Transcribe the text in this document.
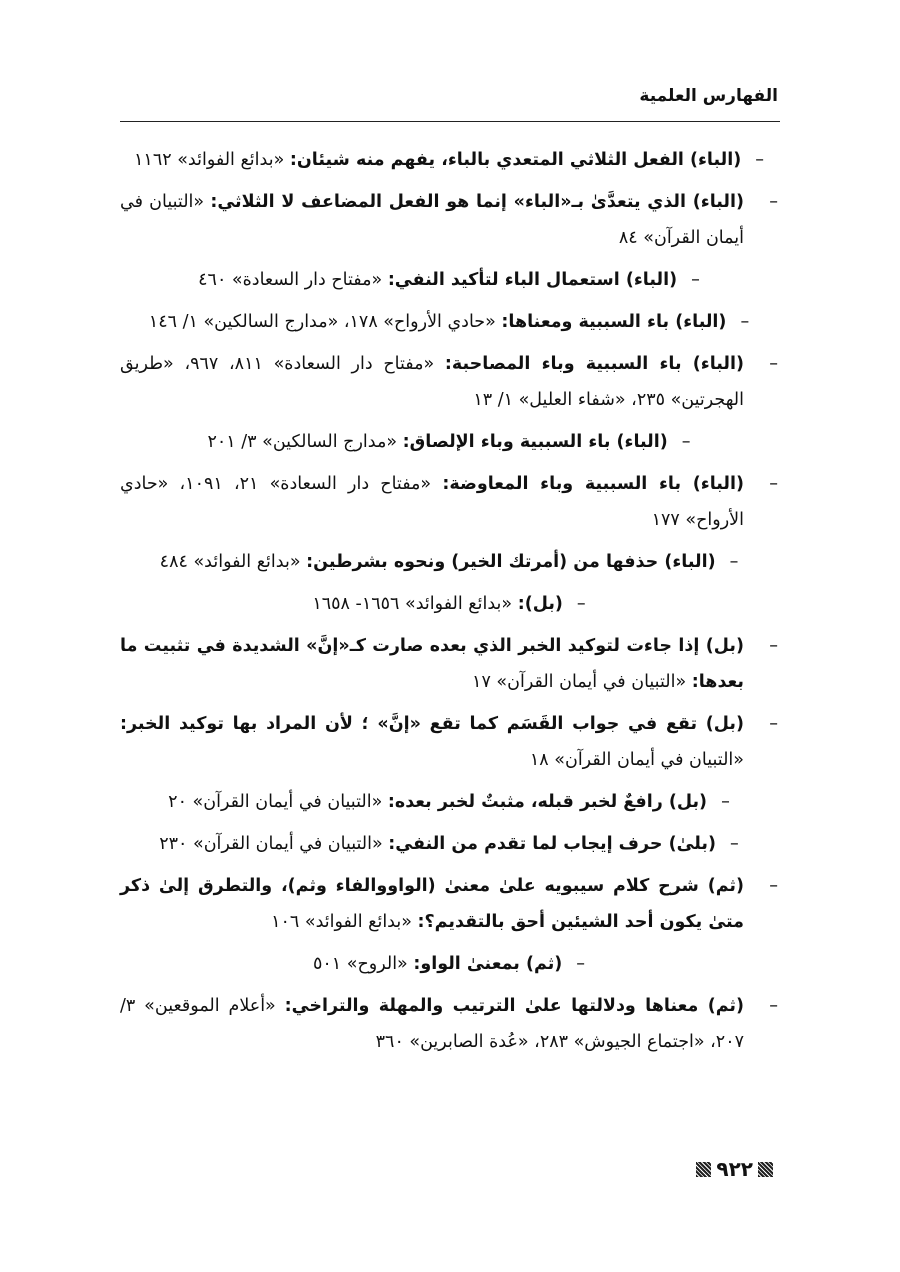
الفهارس العلمية
–(الباء) الفعل الثلاثي المتعدي بالباء، يفهم منه شيئان: «بدائع الفوائد» ١١٦٢
–
(الباء) الذي يتعدَّىٰ بـ«الباء» إنما هو الفعل المضاعف لا الثلاثي: «التبيان في أيمان القرآن» ٨٤
–(الباء) استعمال الباء لتأكيد النفي: «مفتاح دار السعادة» ٤٦٠
–(الباء) باء السببية ومعناها: «حادي الأرواح» ١٧٨، «مدارج السالكين» ١/ ١٤٦
–
(الباء) باء السببية وباء المصاحبة: «مفتاح دار السعادة» ٨١١، ٩٦٧، «طريق الهجرتين» ٢٣٥، «شفاء العليل» ١/ ١٣
–(الباء) باء السببية وباء الإلصاق: «مدارج السالكين» ٣/ ٢٠١
–
(الباء) باء السببية وباء المعاوضة: «مفتاح دار السعادة» ٢١، ١٠٩١، «حادي الأرواح» ١٧٧
–(الباء) حذفها من (أمرتك الخير) ونحوه بشرطين: «بدائع الفوائد» ٤٨٤
–(بل): «بدائع الفوائد» ١٦٥٦- ١٦٥٨
–
(بل) إذا جاءت لتوكيد الخبر الذي بعده صارت كـ«إنَّ» الشديدة في تثبيت ما بعدها: «التبيان في أيمان القرآن» ١٧
–
(بل) تقع في جواب القَسَم كما تقع «إنَّ» ؛ لأن المراد بها توكيد الخبر: «التبيان في أيمان القرآن» ١٨
–(بل) رافعٌ لخبر قبله، مثبتٌ لخبر بعده: «التبيان في أيمان القرآن» ٢٠
–(بلىٰ) حرف إيجاب لما تقدم من النفي: «التبيان في أيمان القرآن» ٢٣٠
–
(ثم) شرح كلام سيبويه علىٰ معنىٰ (الواووالفاء وثم)، والتطرق إلىٰ ذكر متىٰ يكون أحد الشيئين أحق بالتقديم؟: «بدائع الفوائد» ١٠٦
–(ثم) بمعنىٰ الواو: «الروح» ٥٠١
–
(ثم) معناها ودلالتها علىٰ الترتيب والمهلة والتراخي: «أعلام الموقعين» ٣/ ٢٠٧، «اجتماع الجيوش» ٢٨٣، «عُدة الصابرين» ٣٦٠
٩٢٢
